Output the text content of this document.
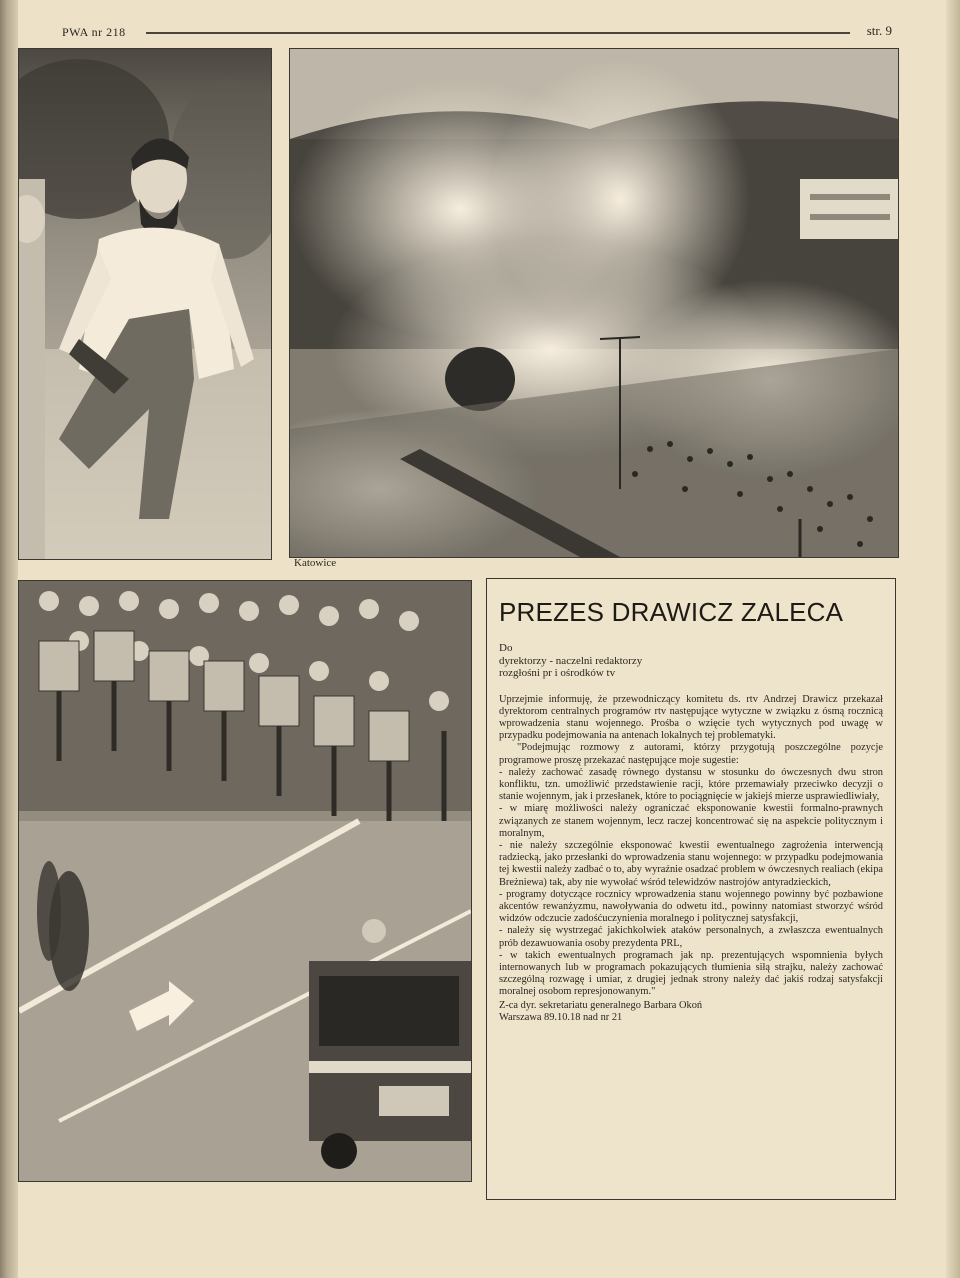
PWA nr 218	str. 9
Katowice
PREZES DRAWICZ ZALECA
Do
dyrektorzy - naczelni redaktorzy
rozgłośni pr i ośrodków tv

Uprzejmie informuję, że przewodniczący komitetu ds. rtv Andrzej Drawicz przekazał dyrektorom centralnych programów rtv następujące wytyczne w związku z ósmą rocznicą wprowadzenia stanu wojennego. Prośba o wzięcie tych wytycznych pod uwagę w przypadku podejmowania na antenach lokalnych tej problematyki.

"Podejmując rozmowy z autorami, którzy przygotują poszczególne pozycje programowe proszę przekazać następujące moje sugestie:

- należy zachować zasadę równego dystansu w stosunku do ówczesnych dwu stron konfliktu, tzn. umożliwić przedstawienie racji, które przemawiały przeciwko decyzji o stanie wojennym, jak i przesłanek, które to pociągnięcie w jakiejś mierze usprawiedliwiały,

- w miarę możliwości należy ograniczać eksponowanie kwestii formalno-prawnych związanych ze stanem wojennym, lecz raczej koncentrować się na aspekcie politycznym i moralnym,

- nie należy szczególnie eksponować kwestii ewentualnego zagrożenia interwencją radziecką, jako przesłanki do wprowadzenia stanu wojennego: w przypadku podejmowania tej kwestii należy zadbać o to, aby wyraźnie osadzać problem w ówczesnych realiach (ekipa Breżniewa) tak, aby nie wywołać wśród telewidzów nastrojów antyradzieckich,

- programy dotyczące rocznicy wprowadzenia stanu wojennego powinny być pozbawione akcentów rewanżyzmu, nawoływania do odwetu itd., powinny natomiast stworzyć wśród widzów odczucie zadośćuczynienia moralnego i politycznej satysfakcji,

- należy się wystrzegać jakichkolwiek ataków personalnych, a zwłaszcza ewentualnych prób dezawuowania osoby prezydenta PRL,

- w takich ewentualnych programach jak np. prezentujących wspomnienia byłych internowanych lub w programach pokazujących tłumienia siłą strajku, należy zachować szczególną rozwagę i umiar, z drugiej jednak strony należy dać jakiś rodzaj satysfakcji moralnej osobom represjonowanym."

Z-ca dyr. sekretariatu generalnego Barbara Okoń
Warszawa 89.10.18 nad nr 21
